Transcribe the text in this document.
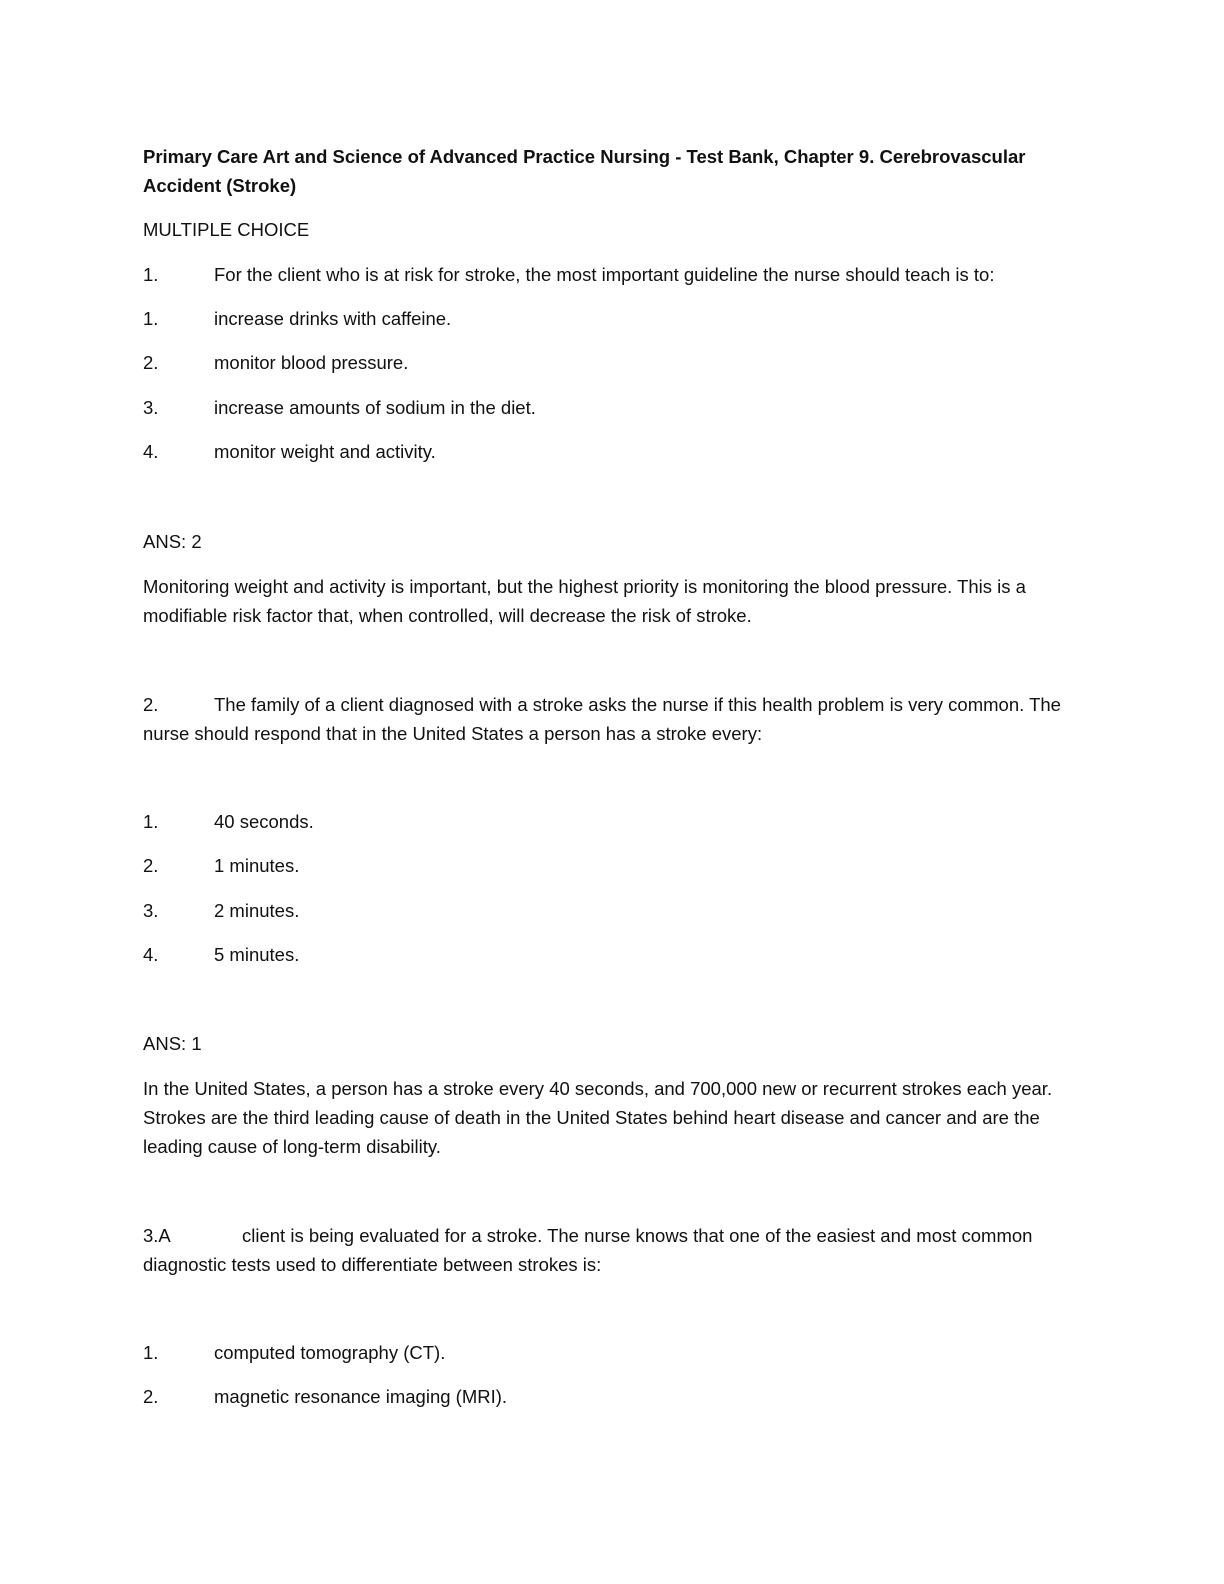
Primary Care Art and Science of Advanced Practice Nursing - Test Bank, Chapter 9. Cerebrovascular Accident (Stroke)

MULTIPLE CHOICE

1.	For the client who is at risk for stroke, the most important guideline the nurse should teach is to:

1.	increase drinks with caffeine.

2.	monitor blood pressure.

3.	increase amounts of sodium in the diet.

4.	monitor weight and activity.

ANS: 2

Monitoring weight and activity is important, but the highest priority is monitoring the blood pressure. This is a modifiable risk factor that, when controlled, will decrease the risk of stroke.

2.	The family of a client diagnosed with a stroke asks the nurse if this health problem is very common. The nurse should respond that in the United States a person has a stroke every:

1.	40 seconds.

2.	1 minutes.

3.	2 minutes.

4.	5 minutes.

ANS: 1

In the United States, a person has a stroke every 40 seconds, and 700,000 new or recurrent strokes each year. Strokes are the third leading cause of death in the United States behind heart disease and cancer and are the leading cause of long-term disability.

3.A	client is being evaluated for a stroke. The nurse knows that one of the easiest and most common diagnostic tests used to differentiate between strokes is:

1.	computed tomography (CT).

2.	magnetic resonance imaging (MRI).
